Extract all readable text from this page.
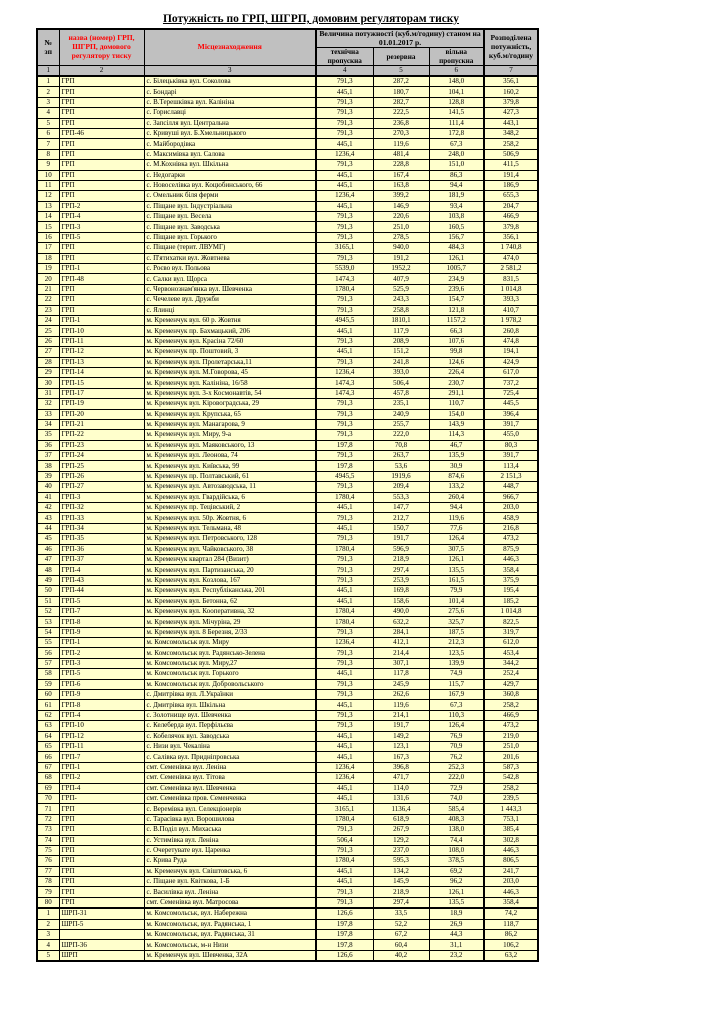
Потужність по ГРП, ШГРП, домовим регуляторам тиску
№ зп	назва (номер) ГРП, ШГРП, домового регулятору тиску	Місцезнаходження	Величина потужності (куб.м/годину) станом на 01.01.2017 р.			Розподілена потужність, куб.м/годину
			технічна пропускна	резервна	вільна пропускна	
1	2	3	4	5	6	7
1	ГРП	с. Білецьківка вул. Соколова	791,3	287,2	148,0	356,1
2	ГРП	с. Бондарі	445,1	180,7	104,1	160,2
3	ГРП	с. В.Терешківка вул. Калініна	791,3	282,7	128,8	379,8
4	ГРП	с. Гориславці	791,3	222,5	141,5	427,3
5	ГРП	с. Запсілля вул. Центральна	791,3	236,8	111,4	443,1
6	ГРП-46	с. Кривуші вул. Б.Хмельницького	791,3	270,3	172,8	348,2
7	ГРП	с. Майбородівка	445,1	119,6	67,3	258,2
8	ГРП	с. Максимівка вул. Салова	1236,4	481,4	248,0	506,9
9	ГРП	с. М.Кохнівка вул. Шкільна	791,3	228,8	151,0	411,5
10	ГРП	с. Недогарки	445,1	167,4	86,3	191,4
11	ГРП	с. Новоселівка вул. Коцюбинського, 66	445,1	163,8	94,4	186,9
12	ГРП	с. Омельник біля ферми	1236,4	399,2	181,9	655,3
13	ГРП-2	с. Піщане вул. Індустріальна	445,1	146,9	93,4	204,7
14	ГРП-4	с. Піщане вул. Весела	791,3	220,6	103,8	466,9
15	ГРП-3	с. Піщане вул. Заводська	791,3	251,0	160,5	379,8
16	ГРП-5	с. Піщане вул. Горького	791,3	278,5	156,7	356,1
17	ГРП	с. Піщане (терит. ЛВУМГ)	3165,1	940,0	484,3	1 740,8
18	ГРП	с. П'ятихатки вул. Жовтнева	791,3	191,2	126,1	474,0
19	ГРП-1	с. Роєво вул. Польова	5539,0	1952,2	1005,7	2 581,2
20	ГРП-48	с. Салки вул. Щорса	1474,3	407,9	234,9	831,5
21	ГРП	с. Червонознам'янка вул. Шевченка	1780,4	525,9	239,6	1 014,8
22	ГРП	с. Чечелеве вул. Дружби	791,3	243,3	154,7	393,3
23	ГРП	с. Ялинці	791,3	258,8	121,8	410,7
24	ГРП-1	м. Кременчук вул. 60 р. Жовтня	4945,5	1810,1	1157,2	1 978,2
25	ГРП-10	м. Кременчук пр. Бахмацький, 206	445,1	117,9	66,3	260,8
26	ГРП-11	м. Кременчук вул. Красіна 72/60	791,3	208,9	107,6	474,8
27	ГРП-12	м. Кременчук пр. Поштовий, 3	445,1	151,2	99,8	194,1
28	ГРП-13	м. Кременчук вул. Пролетарська,11	791,3	241,8	124,6	424,9
29	ГРП-14	м. Кременчук вул. М.Говорова, 45	1236,4	393,0	226,4	617,0
30	ГРП-15	м. Кременчук вул. Калініна, 16/58	1474,3	506,4	230,7	737,2
31	ГРП-17	м. Кременчук вул. 3-х Космонавтів, 54	1474,3	457,8	291,1	725,4
32	ГРП-19	м. Кременчук вул. Кіровоградська, 29	791,3	235,1	110,7	445,5
33	ГРП-20	м. Кременчук вул. Крупська, 65	791,3	240,9	154,0	396,4
34	ГРП-21	м. Кременчук вул. Манагарова, 9	791,3	255,7	143,9	391,7
35	ГРП-22	м. Кременчук вул. Миру, 9-а	791,3	222,0	114,3	455,0
36	ГРП-23	м. Кременчук вул. Маяковського, 13	197,8	70,8	46,7	80,3
37	ГРП-24	м. Кременчук вул. Леонова, 74	791,3	263,7	135,9	391,7
38	ГРП-25	м. Кременчук вул. Київська, 99	197,8	53,6	30,9	113,4
39	ГРП-26	м. Кременчук пр. Полтавський, 61	4945,5	1919,6	874,6	2 151,3
40	ГРП-27	м. Кременчук вул. Автозаводська, 11	791,3	209,4	133,2	448,7
41	ГРП-3	м. Кременчук вул. Гвардійська, 6	1780,4	553,3	260,4	966,7
42	ГРП-32	м. Кременчук пр. Тецівський, 2	445,1	147,7	94,4	203,0
43	ГРП-33	м. Кременчук вул. 50р. Жовтня, 6	791,3	212,7	119,6	458,9
44	ГРП-34	м. Кременчук вул. Тельмана, 48	445,1	150,7	77,6	216,8
45	ГРП-35	м. Кременчук вул. Петровського, 128	791,3	191,7	126,4	473,2
46	ГРП-36	м. Кременчук вул. Чайковського, 38	1780,4	596,9	307,5	875,9
47	ГРП-37	м. Кременчук квартал 284 (Визит)	791,3	218,9	126,1	446,3
48	ГРП-4	м. Кременчук вул. Партизанська, 20	791,3	297,4	135,5	358,4
49	ГРП-43	м. Кременчук вул. Козлова, 167	791,3	253,9	161,5	375,9
50	ГРП-44	м. Кременчук вул. Республіканська, 201	445,1	169,8	79,9	195,4
51	ГРП-5	м. Кременчук вул. Бетонна, 62	445,1	158,6	101,4	185,2
52	ГРП-7	м. Кременчук вул. Кооперативна, 32	1780,4	490,0	275,6	1 014,8
53	ГРП-8	м. Кременчук вул. Мічуріна, 29	1780,4	632,2	325,7	822,5
54	ГРП-9	м. Кременчук вул. 8 Березня, 2/33	791,3	284,1	187,5	319,7
55	ГРП-1	м. Комсомольськ вул. Миру	1236,4	412,1	212,3	612,0
56	ГРП-2	м. Комсомольськ вул. Радянсько-Зелена	791,3	214,4	123,5	453,4
57	ГРП-3	м. Комсомольськ вул. Миру,27	791,3	307,1	139,9	344,2
58	ГРП-5	м. Комсомольськ вул. Горького	445,1	117,8	74,9	252,4
59	ГРП-6	м. Комсомольськ вул. Добровольського	791,3	245,9	115,7	429,7
60	ГРП-9	с. Дмитрівка вул. Л.Українки	791,3	262,6	167,9	360,8
61	ГРП-8	с. Дмитрівка вул. Шкільна	445,1	119,6	67,3	258,2
62	ГРП-4	с. Золотнище вул. Шевченка	791,3	214,1	110,3	466,9
63	ГРП-10	с. Келеберда вул. Перфільєва	791,3	191,7	126,4	473,2
64	ГРП-12	с. Кобелячок вул. Заводська	445,1	149,2	76,9	219,0
65	ГРП-11	с. Низи вул. Чекаліна	445,1	123,1	70,9	251,0
66	ГРП-7	с. Салівка вул. Придніпровська	445,1	167,3	76,2	201,6
67	ГРП-1	смт. Семенівка вул. Леніна	1236,4	396,8	252,3	587,3
68	ГРП-2	смт. Семенівка вул. Тітова	1236,4	471,7	222,0	542,8
69	ГРП-4	смт. Семенівка вул. Шевченка	445,1	114,0	72,9	258,2
70	ГРП-	смт. Семенівка пров. Семенченка	445,1	131,6	74,0	239,5
71	ГРП	с. Веремівка вул. Селекціонерів	3165,1	1136,4	585,4	1 443,3
72	ГРП	с. Тарасівка вул. Ворошилова	1780,4	618,9	408,3	753,1
73	ГРП	с. В.Поділ вул. Михаська	791,3	267,9	138,0	385,4
74	ГРП	с. Устимівка вул. Леніна	506,4	129,2	74,4	302,8
75	ГРП	с. Очеретувате вул. Царенка	791,3	237,0	108,0	446,3
76	ГРП	с. Крива Руда	1780,4	595,3	378,5	806,5
77	ГРП	м. Кременчук вул. Свіштовська, 6	445,1	134,2	69,2	241,7
78	ГРП	с. Піщане вул. Квіткова, 1-Б	445,1	145,9	96,2	203,0
79	ГРП	с. Василівка вул. Леніна	791,3	218,9	126,1	446,3
80	ГРП	смт. Семенівка вул. Матросова	791,3	297,4	135,5	358,4
1	ШРП-31	м. Комсомольськ, вул. Набережна	126,6	33,5	18,9	74,2
2	ШРП-5	м. Комсомольськ, вул. Радянська, 1	197,8	52,2	26,9	118,7
3		м. Комсомольськ, вул. Радянська, 31	197,8	67,2	44,3	86,2
4	ШРП-36	м. Комсомольськ, м-н Низи	197,8	60,4	31,1	106,2
5	ШРП	м. Кременчук вул. Шевченка, 32А	126,6	40,2	23,2	63,2
